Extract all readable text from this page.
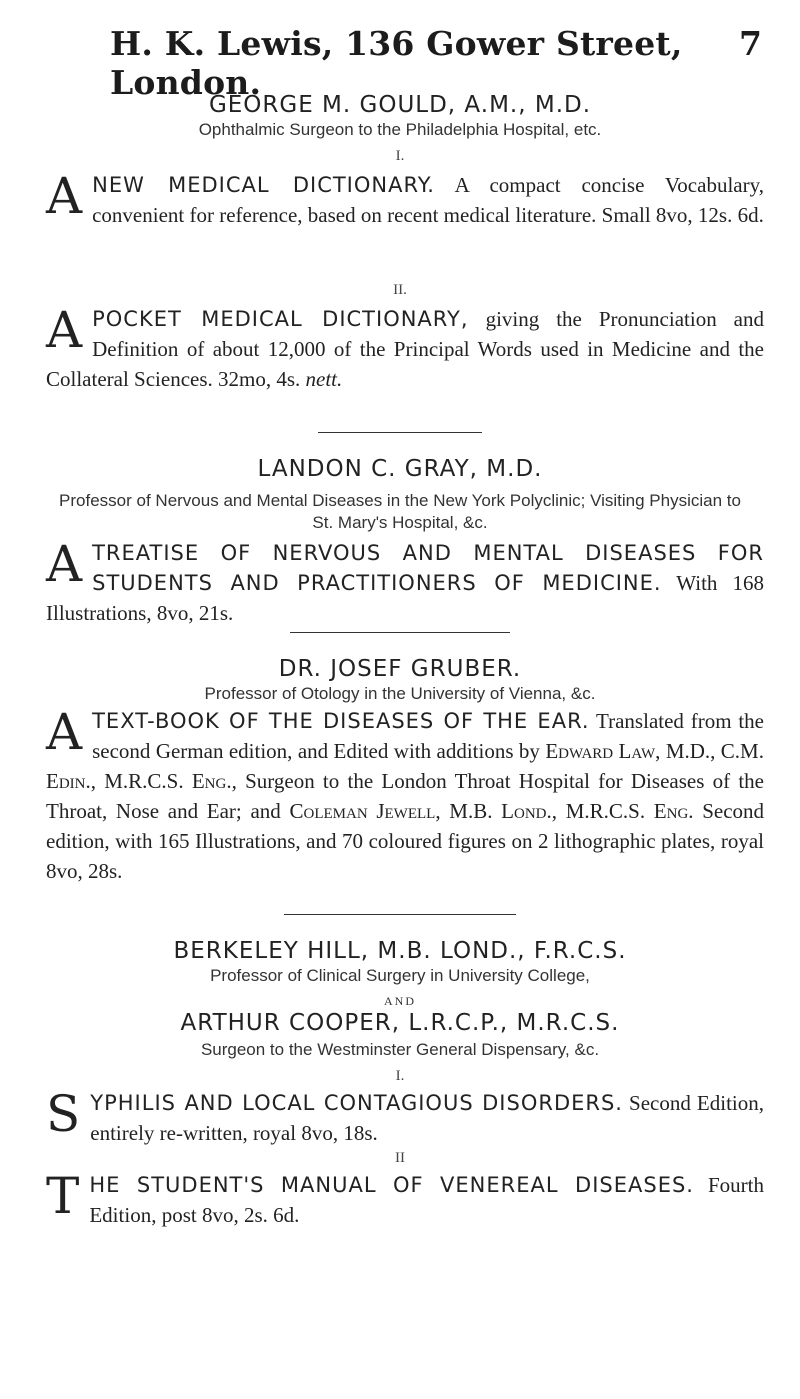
H. K. Lewis, 136 Gower Street, London.
7
GEORGE M. GOULD, A.M., M.D.
Ophthalmic Surgeon to the Philadelphia Hospital, etc.
I.
ANEW MEDICAL DICTIONARY. A compact concise Vocabulary, convenient for reference, based on recent medical literature. Small 8vo, 12s. 6d.
II.
APOCKET MEDICAL DICTIONARY, giving the Pronunciation and Definition of about 12,000 of the Principal Words used in Medicine and the Collateral Sciences. 32mo, 4s. nett.
LANDON C. GRAY, M.D.
Professor of Nervous and Mental Diseases in the New York Polyclinic; Visiting Physician to St. Mary's Hospital, &c.
ATREATISE OF NERVOUS AND MENTAL DISEASES FOR STUDENTS AND PRACTITIONERS OF MEDICINE. With 168 Illustrations, 8vo, 21s.
DR. JOSEF GRUBER.
Professor of Otology in the University of Vienna, &c.
ATEXT-BOOK OF THE DISEASES OF THE EAR. Translated from the second German edition, and Edited with additions by Edward Law, M.D., C.M. Edin., M.R.C.S. Eng., Surgeon to the London Throat Hospital for Diseases of the Throat, Nose and Ear; and Coleman Jewell, M.B. Lond., M.R.C.S. Eng. Second edition, with 165 Illustrations, and 70 coloured figures on 2 lithographic plates, royal 8vo, 28s.
BERKELEY HILL, M.B. LOND., F.R.C.S.
Professor of Clinical Surgery in University College,
AND
ARTHUR COOPER, L.R.C.P., M.R.C.S.
Surgeon to the Westminster General Dispensary, &c.
I.
SYPHILIS AND LOCAL CONTAGIOUS DISORDERS. Second Edition, entirely re-written, royal 8vo, 18s.
II
THE STUDENT'S MANUAL OF VENEREAL DISEASES. Fourth Edition, post 8vo, 2s. 6d.
